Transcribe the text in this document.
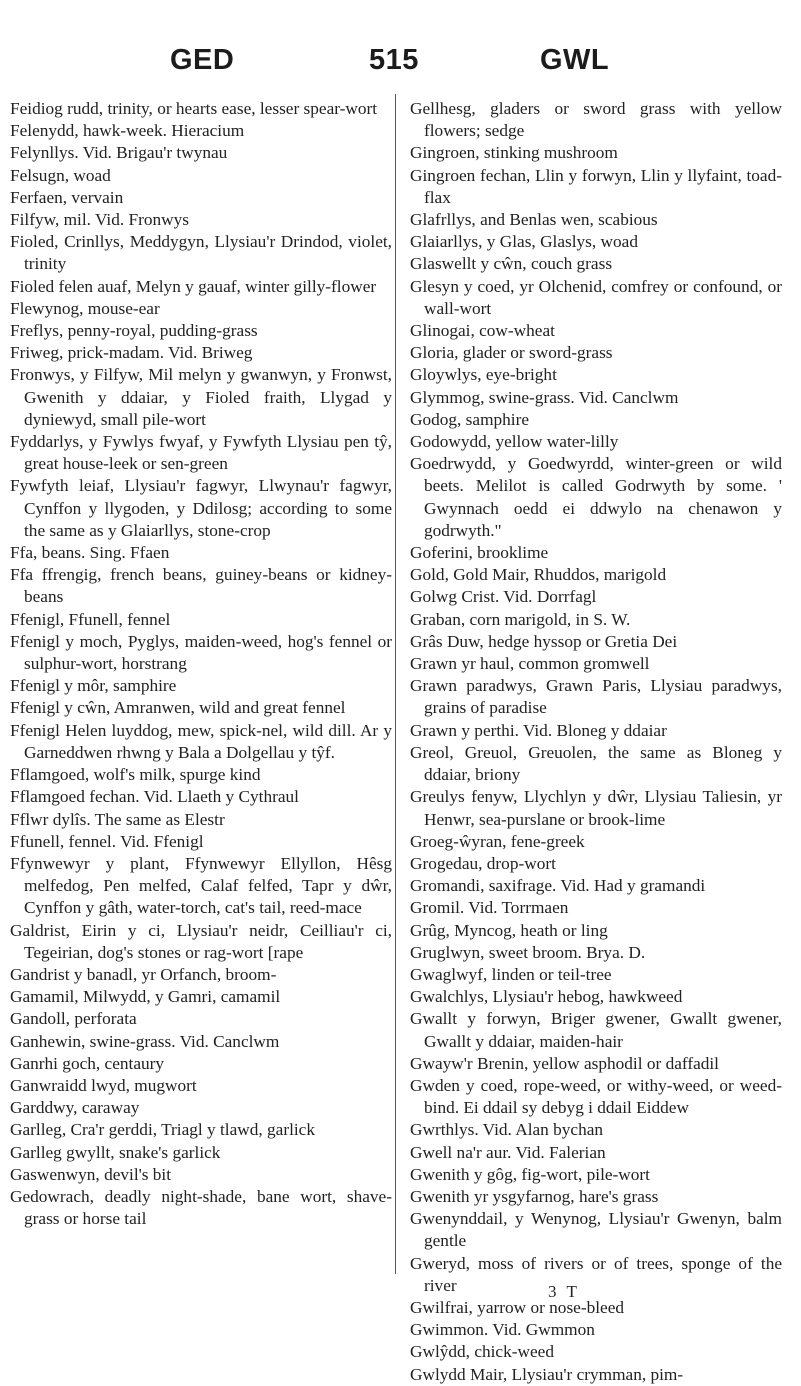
GED	515	GWL

Feidiog rudd, trinity, or hearts ease, lesser spear-wort

Felenydd, hawk-week. Hieracium

Felynllys. Vid. Brigau'r twynau

Felsugn, woad

Ferfaen, vervain

Filfyw, mil. Vid. Fronwys

Fioled, Crinllys, Meddygyn, Llysiau'r Drindod, violet, trinity

Fioled felen auaf, Melyn y gauaf, winter gilly-flower

Flewynog, mouse-ear

Freflys, penny-royal, pudding-grass

Friweg, prick-madam. Vid. Briweg

Fronwys, y Filfyw, Mil melyn y gwanwyn, y Fronwst, Gwenith y ddaiar, y Fioled fraith, Llygad y dyniewyd, small pile-wort

Fyddarlys, y Fywlys fwyaf, y Fywfyth Llysiau pen tŷ, great house-leek or sen-green

Fywfyth leiaf, Llysiau'r fagwyr, Llwynau'r fagwyr, Cynffon y llygoden, y Ddilosg; according to some the same as y Glaiarllys, stone-crop

Ffa, beans. Sing. Ffaen

Ffa ffrengig, french beans, guiney-beans or kidney-beans

Ffenigl, Ffunell, fennel

Ffenigl y moch, Pyglys, maiden-weed, hog's fennel or sulphur-wort, horstrang

Ffenigl y môr, samphire

Ffenigl y cŵn, Amranwen, wild and great fennel

Ffenigl Helen luyddog, mew, spick-nel, wild dill. Ar y Garneddwen rhwng y Bala a Dolgellau y tŷf.

Fflamgoed, wolf's milk, spurge kind

Fflamgoed fechan. Vid. Llaeth y Cythraul

Fflwr dylîs. The same as Elestr

Ffunell, fennel. Vid. Ffenigl

Ffynwewyr y plant, Ffynwewyr Ellyllon, Hêsg melfedog, Pen melfed, Calaf felfed, Tapr y dŵr, Cynffon y gâth, water-torch, cat's tail, reed-mace

Galdrist, Eirin y ci, Llysiau'r neidr, Ceilliau'r ci, Tegeirian, dog's stones or rag-wort [rape

Gandrist y banadl, yr Orfanch, broom-

Gamamil, Milwydd, y Gamri, camamil

Gandoll, perforata

Ganhewin, swine-grass. Vid. Canclwm

Ganrhi goch, centaury

Ganwraidd lwyd, mugwort

Garddwy, caraway

Garlleg, Cra'r gerddi, Triagl y tlawd, garlick

Garlleg gwyllt, snake's garlick

Gaswenwyn, devil's bit

Gedowrach, deadly night-shade, bane wort, shave-grass or horse tail

Gellhesg, gladers or sword grass with yellow flowers; sedge

Gingroen, stinking mushroom

Gingroen fechan, Llin y forwyn, Llin y llyfaint, toad-flax

Glafrllys, and Benlas wen, scabious

Glaiarllys, y Glas, Glaslys, woad

Glaswellt y cŵn, couch grass

Glesyn y coed, yr Olchenid, comfrey or confound, or wall-wort

Glinogai, cow-wheat

Gloria, glader or sword-grass

Gloywlys, eye-bright

Glymmog, swine-grass. Vid. Canclwm

Godog, samphire

Godowydd, yellow water-lilly

Goedrwydd, y Goedwyrdd, winter-green or wild beets. Melilot is called Godrwyth by some. ' Gwynnach oedd ei ddwylo na chenawon y godrwyth."

Goferini, brooklime

Gold, Gold Mair, Rhuddos, marigold

Golwg Crist. Vid. Dorrfagl

Graban, corn marigold, in S. W.

Grâs Duw, hedge hyssop or Gretia Dei

Grawn yr haul, common gromwell

Grawn paradwys, Grawn Paris, Llysiau paradwys, grains of paradise

Grawn y perthi. Vid. Bloneg y ddaiar

Greol, Greuol, Greuolen, the same as Bloneg y ddaiar, briony

Greulys fenyw, Llychlyn y dŵr, Llysiau Taliesin, yr Henwr, sea-purslane or brook-lime

Groeg-ŵyran, fene-greek

Grogedau, drop-wort

Gromandi, saxifrage. Vid. Had y gramandi

Gromil. Vid. Torrmaen

Grûg, Myncog, heath or ling

Gruglwyn, sweet broom. Brya. D.

Gwaglwyf, linden or teil-tree

Gwalchlys, Llysiau'r hebog, hawkweed

Gwallt y forwyn, Briger gwener, Gwallt gwener, Gwallt y ddaiar, maiden-hair

Gwayw'r Brenin, yellow asphodil or daffadil

Gwden y coed, rope-weed, or withy-weed, or weed-bind. Ei ddail sy debyg i ddail Eiddew

Gwrthlys. Vid. Alan bychan

Gwell na'r aur. Vid. Falerian

Gwenith y gôg, fig-wort, pile-wort

Gwenith yr ysgyfarnog, hare's grass

Gwenynddail, y Wenynog, Llysiau'r Gwenyn, balm gentle

Gweryd, moss of rivers or of trees, sponge of the river

Gwilfrai, yarrow or nose-bleed

Gwimmon. Vid. Gwmmon

Gwlŷdd, chick-weed

Gwlydd Mair, Llysiau'r crymman, pim-

3 T
